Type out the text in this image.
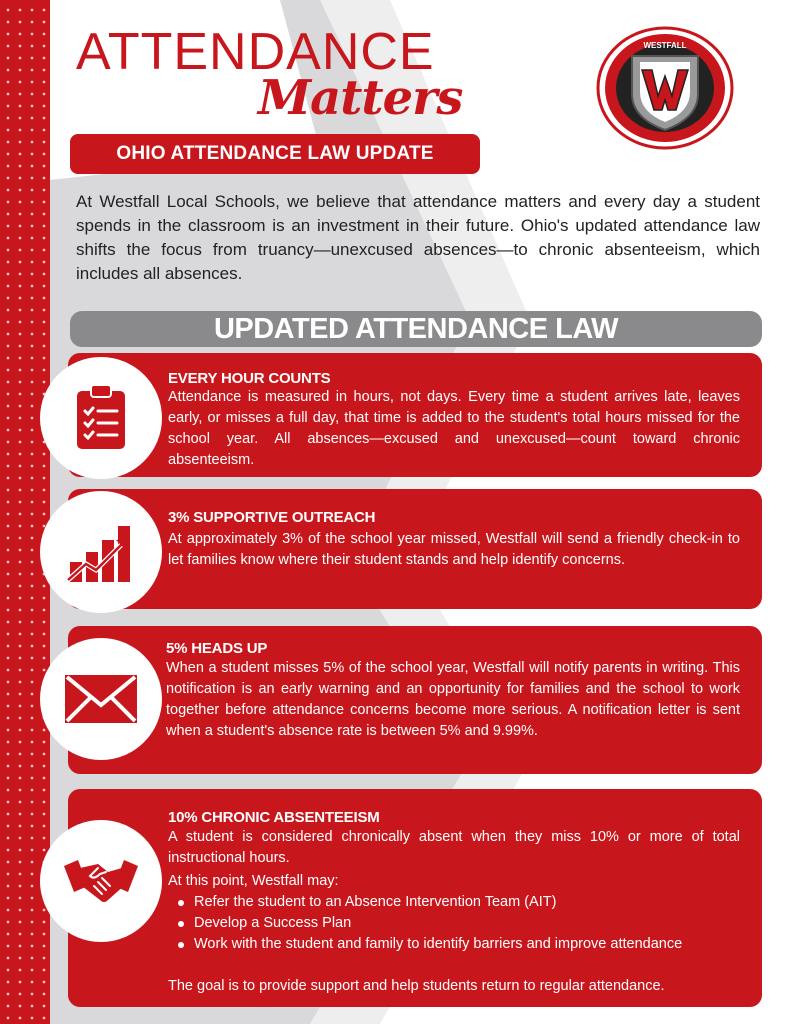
ATTENDANCE
Matters
WESTFALL
OHIO ATTENDANCE LAW UPDATE

At Westfall Local Schools, we believe that attendance matters and every day a student spends in the classroom is an investment in their future. Ohio's updated attendance law shifts the focus from truancy—unexcused absences—to chronic absenteeism, which includes all absences.

UPDATED ATTENDANCE LAW
EVERY HOUR COUNTS
Attendance is measured in hours, not days. Every time a student arrives late, leaves early, or misses a full day, that time is added to the student's total hours missed for the school year. All absences—excused and unexcused—count toward chronic absenteeism.
3% SUPPORTIVE OUTREACH
At approximately 3% of the school year missed, Westfall will send a friendly check-in to let families know where their student stands and help identify concerns.
5% HEADS UP
When a student misses 5% of the school year, Westfall will notify parents in writing. This notification is an early warning and an opportunity for families and the school to work together before attendance concerns become more serious. A notification letter is sent when a student's absence rate is between 5% and 9.99%.
10% CHRONIC ABSENTEEISM
A student is considered chronically absent when they miss 10% or more of total instructional hours.
At this point, Westfall may:
Refer the student to an Absence Intervention Team (AIT)
Develop a Success Plan
Work with the student and family to identify barriers and improve attendance
The goal is to provide support and help students return to regular attendance.
